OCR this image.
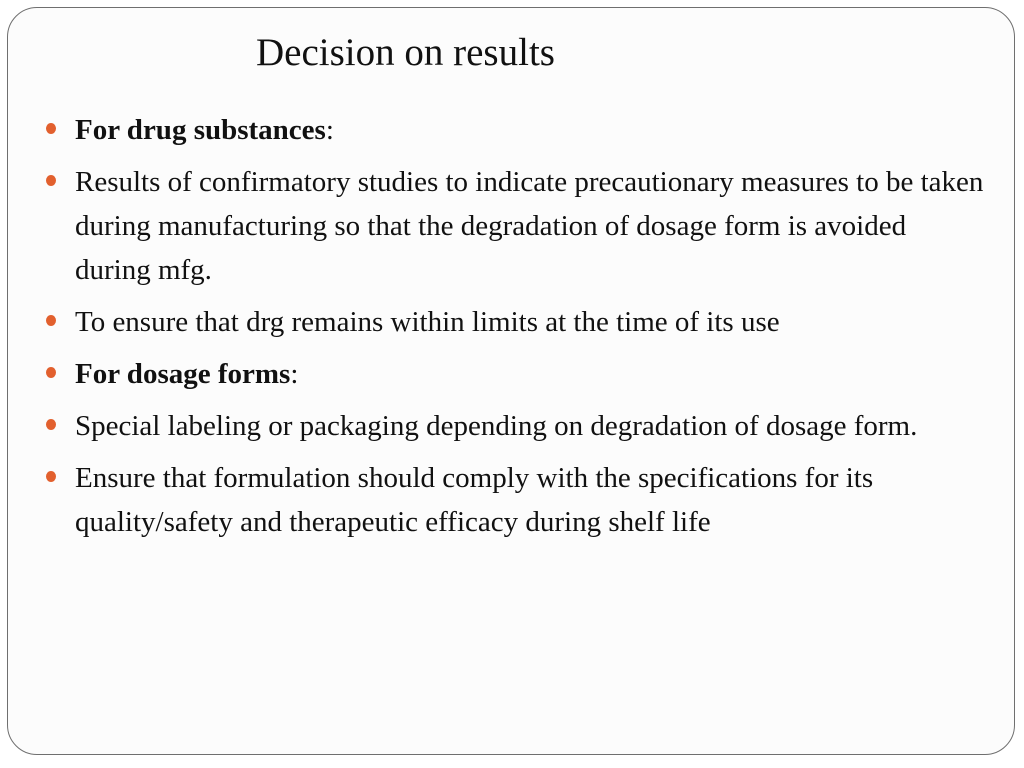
Decision on results
For drug substances:
Results of confirmatory studies to indicate precautionary measures to be taken during manufacturing so that the degradation of dosage form is avoided during mfg.
To ensure that drg remains within limits at the time of its use
For dosage forms:
Special labeling or packaging depending on degradation of dosage form.
Ensure that formulation should comply with the specifications for its quality/safety and therapeutic efficacy during shelf life
